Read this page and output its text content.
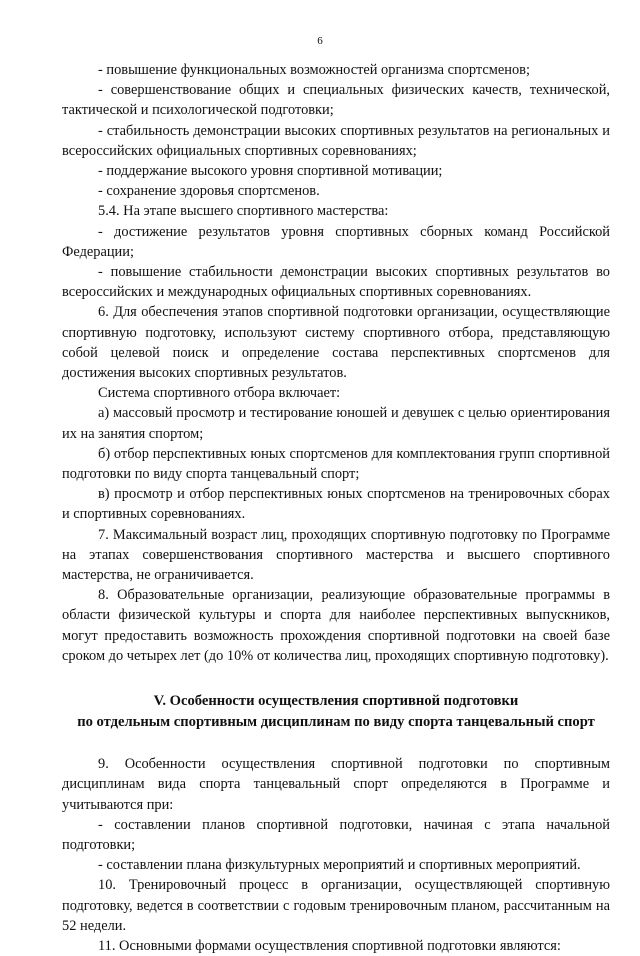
6

- повышение функциональных возможностей организма спортсменов;

- совершенствование общих и специальных физических качеств, технической, тактической и психологической подготовки;

- стабильность демонстрации высоких спортивных результатов на региональных и всероссийских официальных спортивных соревнованиях;

- поддержание высокого уровня спортивной мотивации;

- сохранение здоровья спортсменов.

5.4. На этапе высшего спортивного мастерства:

- достижение результатов уровня спортивных сборных команд Российской Федерации;

- повышение стабильности демонстрации высоких спортивных результатов во всероссийских и международных официальных спортивных соревнованиях.

6. Для обеспечения этапов спортивной подготовки организации, осуществляющие спортивную подготовку, используют систему спортивного отбора, представляющую собой целевой поиск и определение состава перспективных спортсменов для достижения высоких спортивных результатов.

Система спортивного отбора включает:

а) массовый просмотр и тестирование юношей и девушек с целью ориентирования их на занятия спортом;

б) отбор перспективных юных спортсменов для комплектования групп спортивной подготовки по виду спорта танцевальный спорт;

в) просмотр и отбор перспективных юных спортсменов на тренировочных сборах и спортивных соревнованиях.

7. Максимальный возраст лиц, проходящих спортивную подготовку по Программе на этапах совершенствования спортивного мастерства и высшего спортивного мастерства, не ограничивается.

8. Образовательные организации, реализующие образовательные программы в области физической культуры и спорта для наиболее перспективных выпускников, могут предоставить возможность прохождения спортивной подготовки на своей базе сроком до четырех лет (до 10% от количества лиц, проходящих спортивную подготовку).

V. Особенности осуществления спортивной подготовки
по отдельным спортивным дисциплинам по виду спорта танцевальный спорт

9. Особенности осуществления спортивной подготовки по спортивным дисциплинам вида спорта танцевальный спорт определяются в Программе и учитываются при:

- составлении планов спортивной подготовки, начиная с этапа начальной подготовки;

- составлении плана физкультурных мероприятий и спортивных мероприятий.

10. Тренировочный процесс в организации, осуществляющей спортивную подготовку, ведется в соответствии с годовым тренировочным планом, рассчитанным на 52 недели.

11. Основными формами осуществления спортивной подготовки являются:
